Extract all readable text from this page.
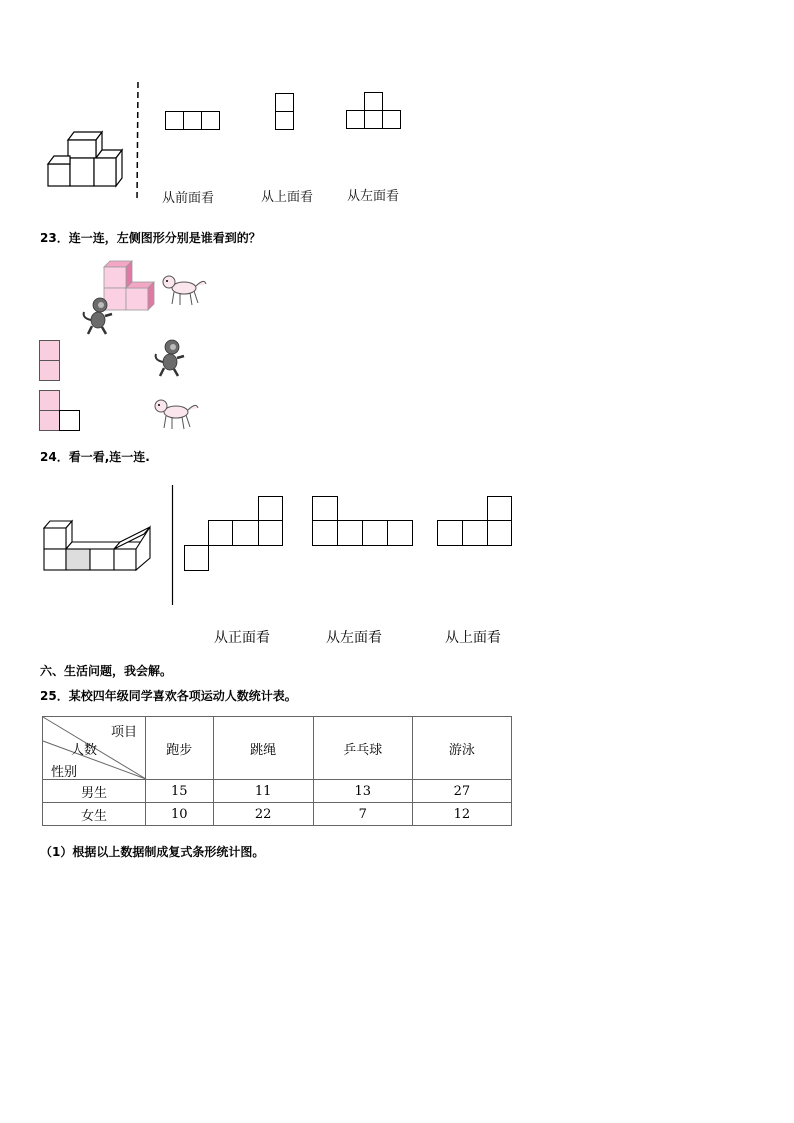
从前面看	从上面看	从左面看
23．连一连，左侧图形分别是谁看到的？
24．看一看,连一连.
从正面看	从左面看	从上面看
六、生活问题，我会解。
25．某校四年级同学喜欢各项运动人数统计表。
项目
人数
性别	跑步	跳绳	乒乓球	游泳
男生	15	11	13	27
女生	10	22	7	12
（1）根据以上数据制成复式条形统计图。
